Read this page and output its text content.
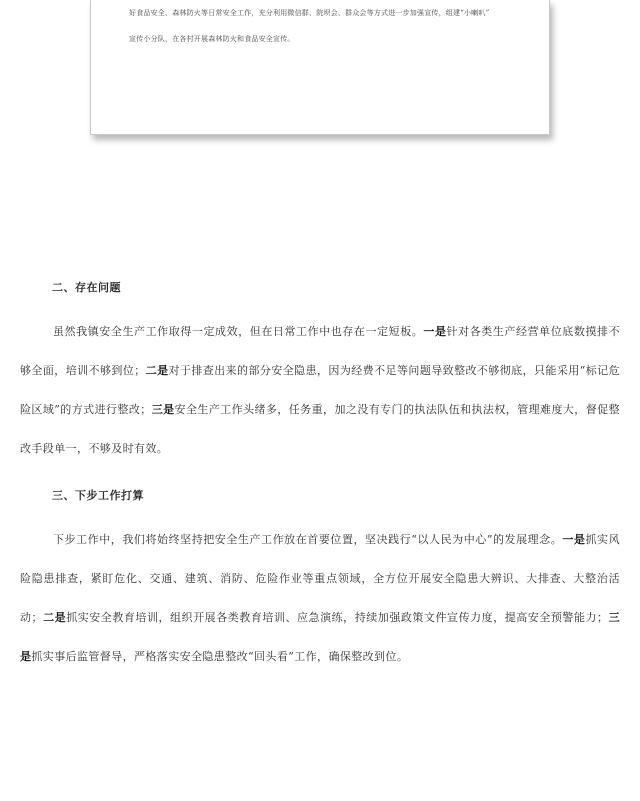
好食品安全、森林防火等日常安全工作，充分利用微信群、院坝会、群众会等方式进一步加强宣传，组建“小喇叭”
宣传小分队，在各村开展森林防火和食品安全宣传。
二、存在问题

虽然我镇安全生产工作取得一定成效，但在日常工作中也存在一定短板。一是针对各类生产经营单位底数摸排不够全面，培训不够到位；二是对于排查出来的部分安全隐患，因为经费不足等问题导致整改不够彻底，只能采用“标记危险区域”的方式进行整改；三是安全生产工作头绪多，任务重，加之没有专门的执法队伍和执法权，管理难度大，督促整改手段单一，不够及时有效。

三、下步工作打算

下步工作中，我们将始终坚持把安全生产工作放在首要位置，坚决践行“以人民为中心”的发展理念。一是抓实风险隐患排查，紧盯危化、交通、建筑、消防、危险作业等重点领域，全方位开展安全隐患大辨识、大排查、大整治活动；二是抓实安全教育培训，组织开展各类教育培训、应急演练，持续加强政策文件宣传力度，提高安全预警能力；三是抓实事后监管督导，严格落实安全隐患整改“回头看”工作，确保整改到位。
